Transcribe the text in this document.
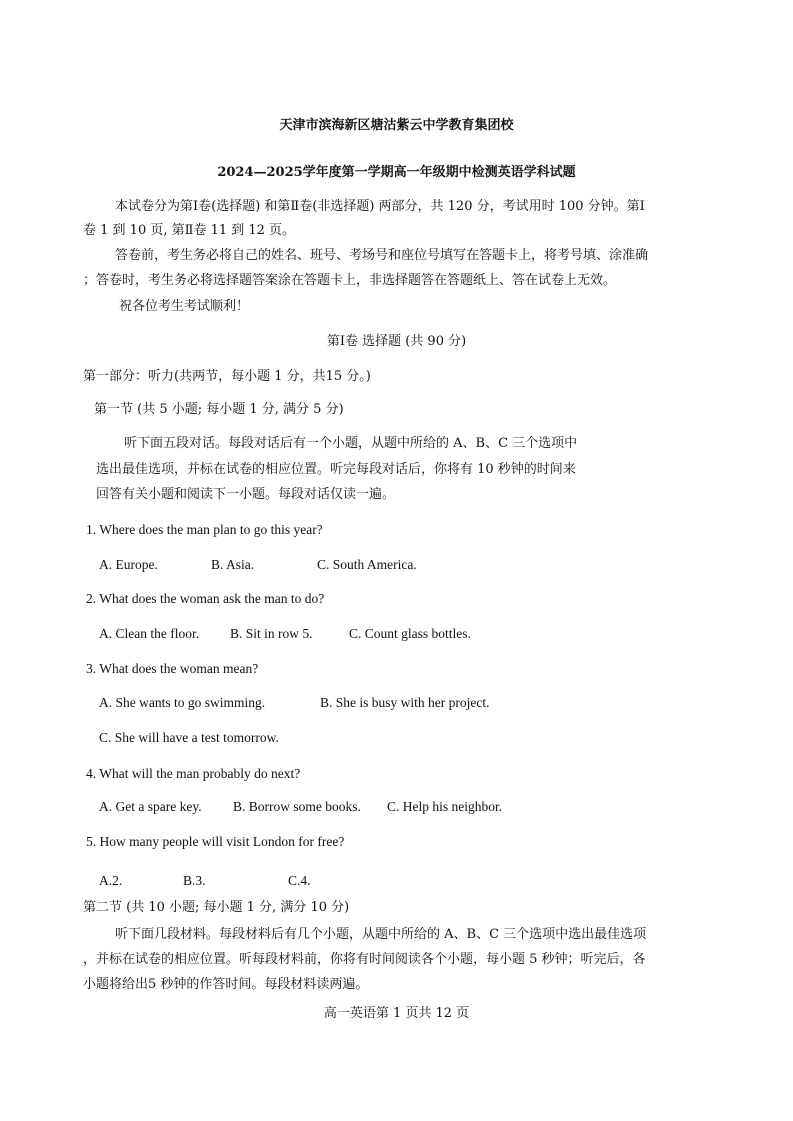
天津市滨海新区塘沽紫云中学教育集团校
2024—2025学年度第一学期高一年级期中检测英语学科试题
本试卷分为第Ⅰ卷(选择题) 和第Ⅱ卷(非选择题) 两部分，共 120 分，考试用时 100 分钟。第Ⅰ
卷 1 到 10 页, 第Ⅱ卷 11 到 12 页。
答卷前，考生务必将自己的姓名、班号、考场号和座位号填写在答题卡上，将考号填、涂准确
；答卷时，考生务必将选择题答案涂在答题卡上，非选择题答在答题纸上、答在试卷上无效。
祝各位考生考试顺利！
第Ⅰ卷 选择题 (共 90 分)
第一部分：听力(共两节，每小题 1 分，共15 分。)
第一节 (共 5 小题; 每小题 1 分, 满分 5 分)
听下面五段对话。每段对话后有一个小题，从题中所给的 A、B、C 三个选项中
选出最佳选项，并标在试卷的相应位置。听完每段对话后，你将有 10 秒钟的时间来
回答有关小题和阅读下一小题。每段对话仅读一遍。
1. Where does the man plan to go this year?
A. Europe.	B. Asia.	C. South America.
2. What does the woman ask the man to do?
A. Clean the floor. B. Sit in row 5.	C. Count glass bottles.
3. What does the woman mean?
A. She wants to go swimming.	B. She is busy with her project.
C. She will have a test tomorrow.
4. What will the man probably do next?
A. Get a spare key. B. Borrow some books. C. Help his neighbor.
5. How many people will visit London for free?
A.2.	B.3.	C.4.
第二节 (共 10 小题; 每小题 1 分, 满分 10 分)
听下面几段材料。每段材料后有几个小题，从题中所给的 A、B、C 三个选项中选出最佳选项
，并标在试卷的相应位置。听每段材料前，你将有时间阅读各个小题，每小题 5 秒钟；听完后，各
小题将给出5 秒钟的作答时间。每段材料读两遍。
高一英语第 1 页共 12 页
